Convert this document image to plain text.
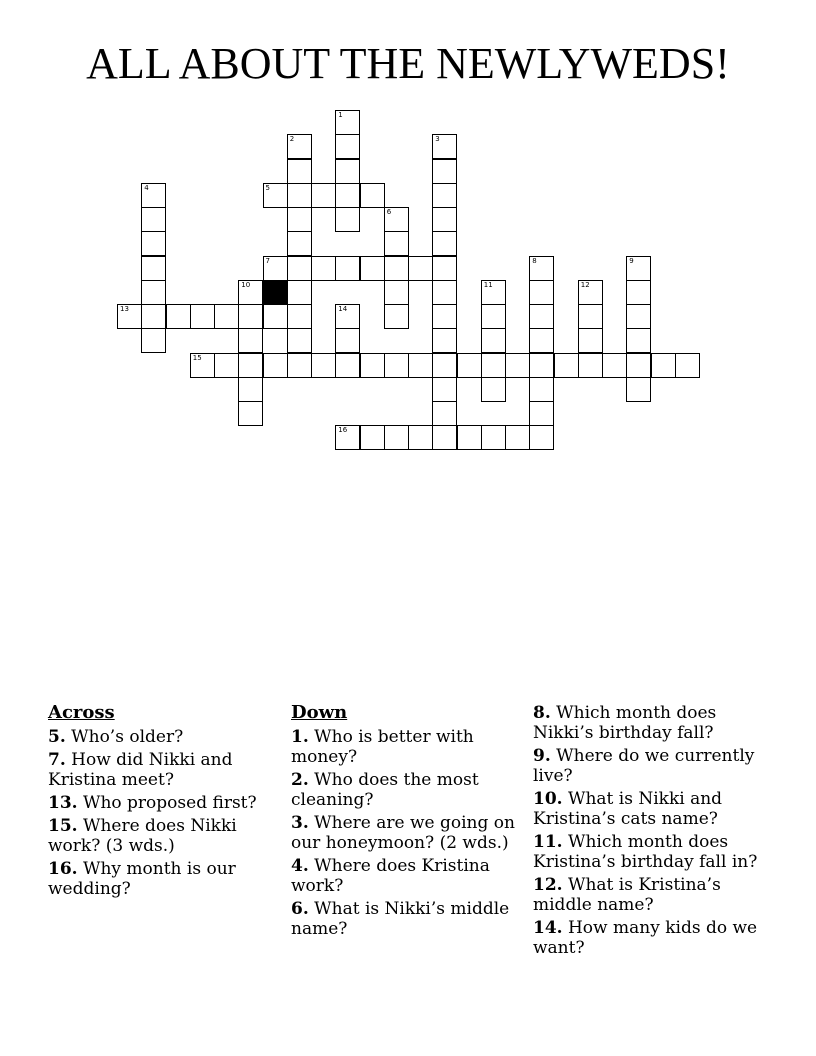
ALL ABOUT THE NEWLYWEDS!
1
2	3
4	5
6
7	8	9
10	11	12
13	14
15
16
Across
5. Who’s older?
7. How did Nikki and Kristina meet?
13. Who proposed first?
15. Where does Nikki work? (3 wds.)
16. Why month is our wedding?
Down
1. Who is better with money?
2. Who does the most cleaning?
3. Where are we going on our honeymoon? (2 wds.)
4. Where does Kristina work?
6. What is Nikki’s middle name?
8. Which month does Nikki’s birthday fall?
9. Where do we currently live?
10. What is Nikki and Kristina’s cats name?
11. Which month does Kristina’s birthday fall in?
12. What is Kristina’s middle name?
14. How many kids do we want?
